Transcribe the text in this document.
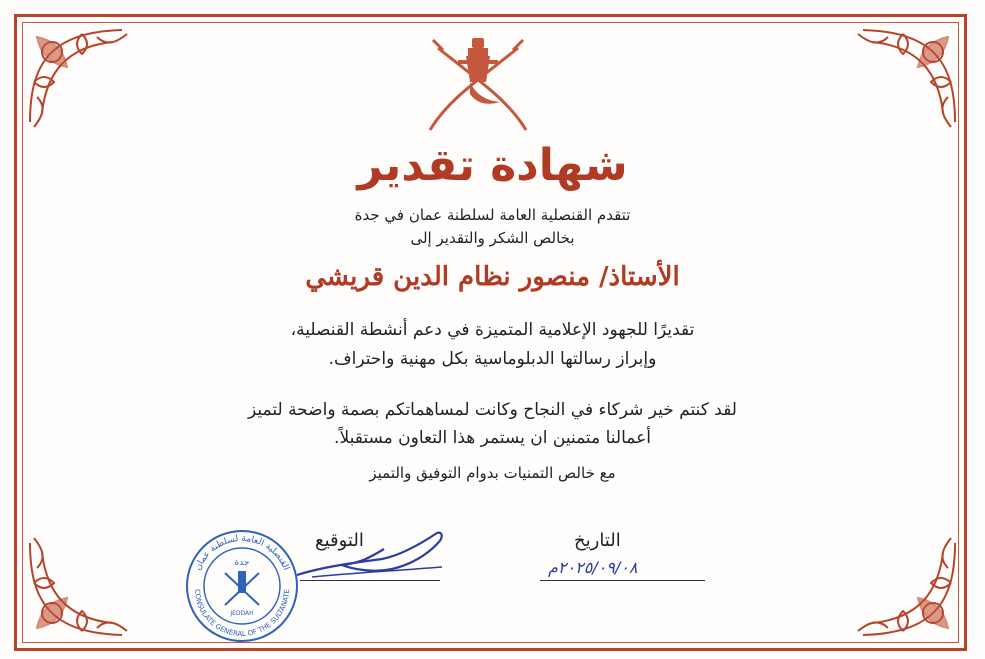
شهادة تقدير
تتقدم القنصلية العامة لسلطنة عمان في جدة
بخالص الشكر والتقدير إلى
الأستاذ/ منصور نظام الدين قريشي
تقديرًا للجهود الإعلامية المتميزة في دعم أنشطة القنصلية،
وإبراز رسالتها الدبلوماسية بكل مهنية واحتراف.
لقد كنتم خير شركاء في النجاح وكانت لمساهماتكم بصمة واضحة لتميز
أعمالنا متمنين ان يستمر هذا التعاون مستقبلاً.
مع خالص التمنيات بدوام التوفيق والتميز
التوقيع	التاريخ
٢٠٢٥/٠٩/٠٨م
القنصلية العامة لسلطنة عمان
CONSULATE GENERAL OF THE SULTANATE
جدة
JEDDAH
